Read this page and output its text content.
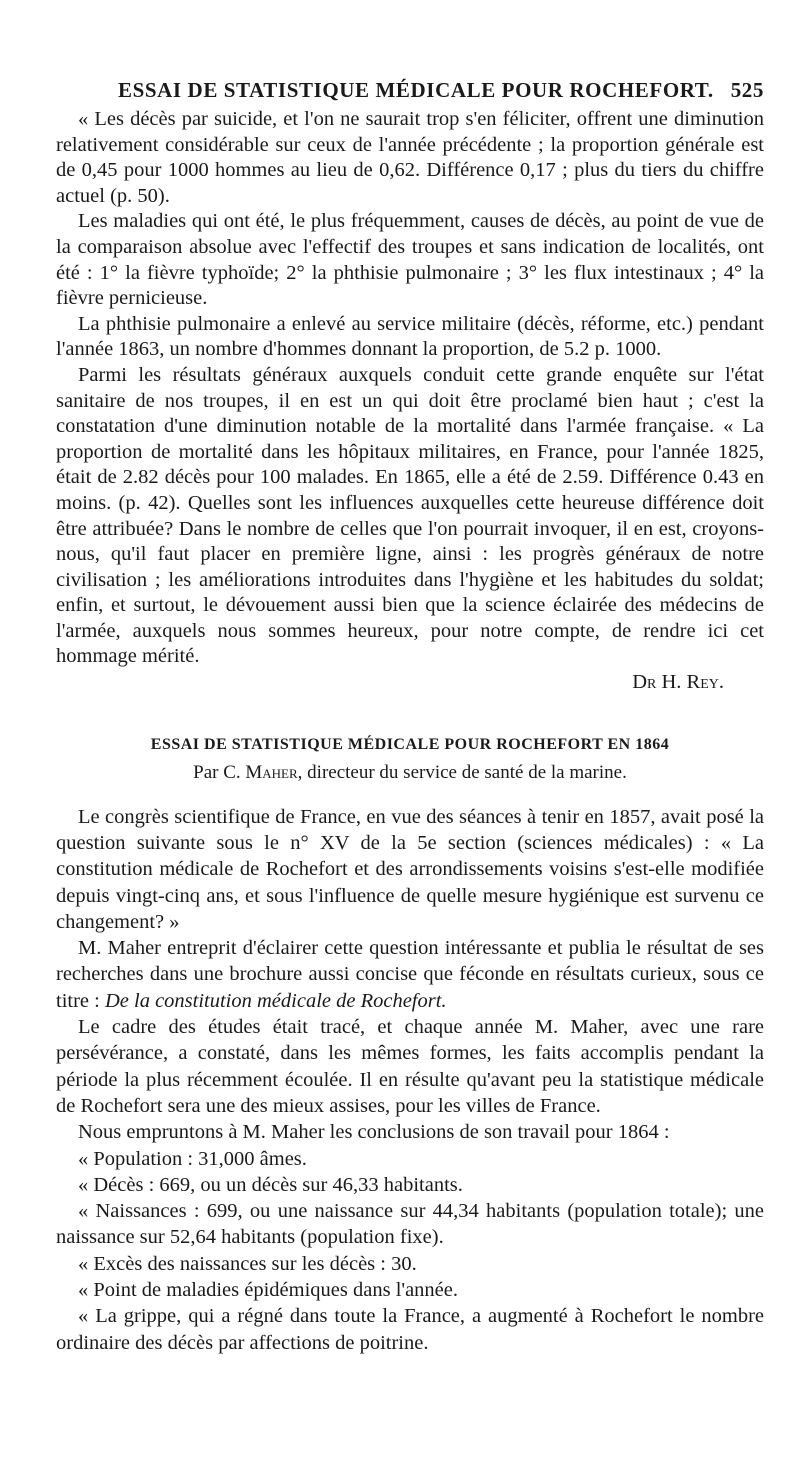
ESSAI DE STATISTIQUE MÉDICALE POUR ROCHEFORT. 525

« Les décès par suicide, et l'on ne saurait trop s'en féliciter, offrent une diminution relativement considérable sur ceux de l'année précédente ; la proportion générale est de 0,45 pour 1000 hommes au lieu de 0,62. Différence 0,17 ; plus du tiers du chiffre actuel (p. 50).

Les maladies qui ont été, le plus fréquemment, causes de décès, au point de vue de la comparaison absolue avec l'effectif des troupes et sans indication de localités, ont été : 1° la fièvre typhoïde; 2° la phthisie pulmonaire ; 3° les flux intestinaux ; 4° la fièvre pernicieuse.

La phthisie pulmonaire a enlevé au service militaire (décès, réforme, etc.) pendant l'année 1863, un nombre d'hommes donnant la proportion, de 5.2 p. 1000.

Parmi les résultats généraux auxquels conduit cette grande enquête sur l'état sanitaire de nos troupes, il en est un qui doit être proclamé bien haut ; c'est la constatation d'une diminution notable de la mortalité dans l'armée française. « La proportion de mortalité dans les hôpitaux militaires, en France, pour l'année 1825, était de 2.82 décès pour 100 malades. En 1865, elle a été de 2.59. Différence 0.43 en moins. (p. 42). Quelles sont les influences auxquelles cette heureuse différence doit être attribuée? Dans le nombre de celles que l'on pourrait invoquer, il en est, croyons-nous, qu'il faut placer en première ligne, ainsi : les progrès généraux de notre civilisation ; les améliorations introduites dans l'hygiène et les habitudes du soldat; enfin, et surtout, le dévouement aussi bien que la science éclairée des médecins de l'armée, auxquels nous sommes heureux, pour notre compte, de rendre ici cet hommage mérité.

Dr H. Rey.

ESSAI DE STATISTIQUE MÉDICALE POUR ROCHEFORT EN 1864
Par C. Maher, directeur du service de santé de la marine.

Le congrès scientifique de France, en vue des séances à tenir en 1857, avait posé la question suivante sous le n° XV de la 5e section (sciences médicales) : « La constitution médicale de Rochefort et des arrondissements voisins s'est-elle modifiée depuis vingt-cinq ans, et sous l'influence de quelle mesure hygiénique est survenu ce changement? »

M. Maher entreprit d'éclairer cette question intéressante et publia le résultat de ses recherches dans une brochure aussi concise que féconde en résultats curieux, sous ce titre : De la constitution médicale de Rochefort.

Le cadre des études était tracé, et chaque année M. Maher, avec une rare persévérance, a constaté, dans les mêmes formes, les faits accomplis pendant la période la plus récemment écoulée. Il en résulte qu'avant peu la statistique médicale de Rochefort sera une des mieux assises, pour les villes de France.

Nous empruntons à M. Maher les conclusions de son travail pour 1864 :

« Population : 31,000 âmes.

« Décès : 669, ou un décès sur 46,33 habitants.

« Naissances : 699, ou une naissance sur 44,34 habitants (population totale); une naissance sur 52,64 habitants (population fixe).

« Excès des naissances sur les décès : 30.

« Point de maladies épidémiques dans l'année.

« La grippe, qui a régné dans toute la France, a augmenté à Rochefort le nombre ordinaire des décès par affections de poitrine.
